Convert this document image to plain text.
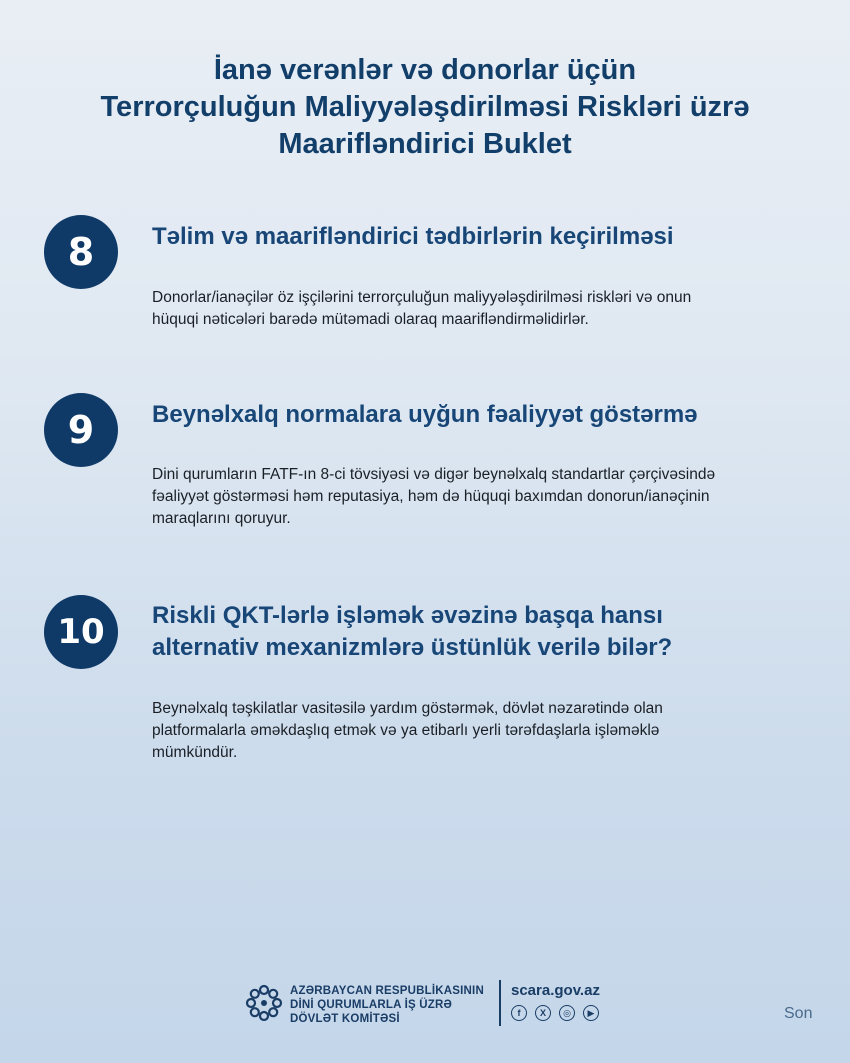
İanə verənlər və donorlar üçün
Terrorçuluğun Maliyyələşdirilməsi Riskləri üzrə
Maarifləndirici Buklet
8	Təlim və maarifləndirici tədbirlərin keçirilməsi
Donorlar/ianəçilər öz işçilərini terrorçuluğun maliyyələşdirilməsi riskləri və onun
hüquqi nəticələri barədə mütəmadi olaraq maarifləndirməlidirlər.
9	Beynəlxalq normalara uyğun fəaliyyət göstərmə
Dini qurumların FATF-ın 8-ci tövsiyəsi və digər beynəlxalq standartlar çərçivəsində
fəaliyyət göstərməsi həm reputasiya, həm də hüquqi baxımdan donorun/ianəçinin
maraqlarını qoruyur.
10	Riskli QKT-lərlə işləmək əvəzinə başqa hansı
alternativ mexanizmlərə üstünlük verilə bilər?
Beynəlxalq təşkilatlar vasitəsilə yardım göstərmək, dövlət nəzarətində olan
platformalarla əməkdaşlıq etmək və ya etibarlı yerli tərəfdaşlarla işləməklə
mümkündür.
AZƏRBAYCAN RESPUBLİKASININ
DİNİ QURUMLARLA İŞ ÜZRƏ
DÖVLƏT KOMİTƏSİ
scara.gov.az
f	X	◎	▶	Son
